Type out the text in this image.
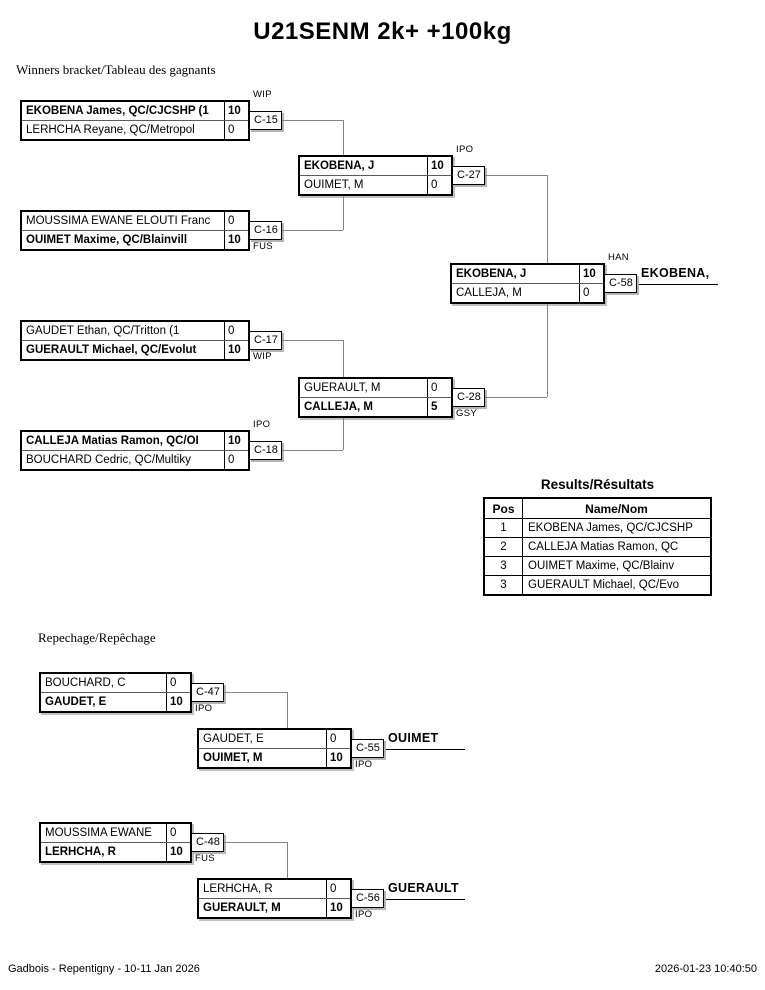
U21SENM 2k+ +100kg
Winners bracket/Tableau des gagnants
Repechage/Repêchage
EKOBENA James, QC/CJCSHP (1	10
LERHCHA Reyane, QC/Metropol	0
C-15
WIP
MOUSSIMA EWANE ELOUTI Franc	0
OUIMET Maxime, QC/Blainvill	10
C-16
FUS
GAUDET Ethan, QC/Tritton (1	0
GUERAULT Michael, QC/Evolut	10
C-17
WIP
CALLEJA Matias Ramon, QC/OI	10
BOUCHARD Cedric, QC/Multiky	0
C-18
IPO
EKOBENA, J	10
OUIMET, M	0
C-27
IPO
GUERAULT, M	0
CALLEJA, M	5
C-28
GSY
EKOBENA, J	10
CALLEJA, M	0
C-58
HAN
EKOBENA,
BOUCHARD, C	0
GAUDET, E	10
C-47
IPO
GAUDET, E	0
OUIMET, M	10
C-55
IPO
OUIMET
MOUSSIMA EWANE	0
LERHCHA, R	10
C-48
FUS
LERHCHA, R	0
GUERAULT, M	10
C-56
IPO
GUERAULT
Results/Résultats
Pos	Name/Nom
1	EKOBENA James, QC/CJCSHP
2	CALLEJA Matias Ramon, QC
3	OUIMET Maxime, QC/Blainv
3	GUERAULT Michael, QC/Evo
Gadbois - Repentigny - 10-11 Jan 2026	2026-01-23 10:40:50
